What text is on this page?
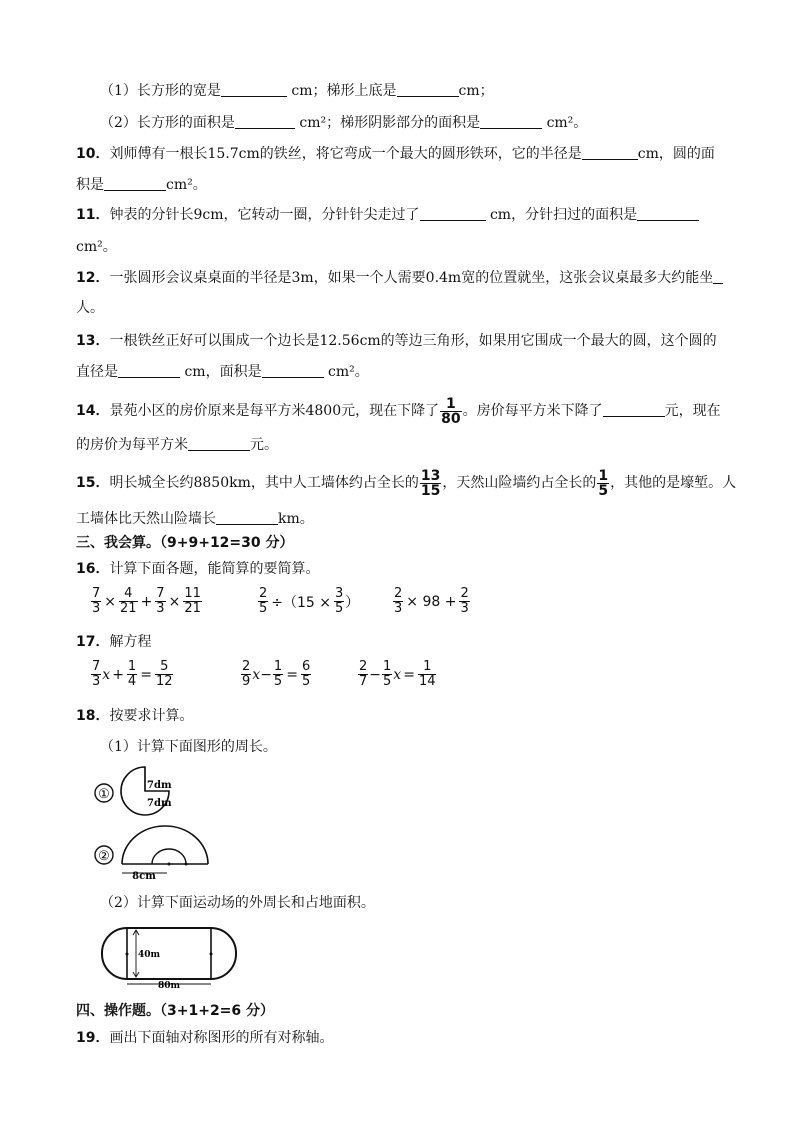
（1）长方形的宽是	cm；梯形上底是	cm；
（2）长方形的面积是	cm²；梯形阴影部分的面积是	cm²。
10．刘师傅有一根长15.7cm的铁丝，将它弯成一个最大的圆形铁环，它的半径是	cm，圆的面
积是	cm²。
11．钟表的分针长9cm，它转动一圈，分针针尖走过了	cm，分针扫过的面积是
cm²。
12．一张圆形会议桌桌面的半径是3m，如果一个人需要0.4m宽的位置就坐，这张会议桌最多大约能坐
人。
13．一根铁丝正好可以围成一个边长是12.56cm的等边三角形，如果用它围成一个最大的圆，这个圆的
直径是	cm，面积是	cm²。
14．景苑小区的房价原来是每平方米4800元，现在下降了 $\frac{1}{80}$ 。房价每平方米下降了	元，现在
的房价为每平方米	元。
15．明长城全长约8850km，其中人工墙体约占全长的 $\frac{13}{15}$ ，天然山险墙约占全长的 $\frac{1}{5}$ ，其他的是壕堑。人
工墙体比天然山险墙长	km。
三、我会算。（9+9+12=30 分）
16．计算下面各题，能简算的要简算。
$\frac{7}{3} \times \frac{4}{21} + \frac{7}{3} \times \frac{11}{21}$	$\frac{2}{5} \div(15 \times \frac{3}{5}$ ）	$\frac{2}{3} \times 98 + \frac{2}{3}$
17．解方程
$\frac{7}{3}$ $x + \frac{1}{4} = \frac{5}{12}$	$\frac{2}{9}$ $x - \frac{1}{5} = \frac{6}{5}$	$\frac{2}{7} - \frac{1}{5}$ $x = \frac{1}{14}$
18．按要求计算。
（1）计算下面图形的周长。
①
7dm
7dm
②
8cm
（2）计算下面运动场的外周长和占地面积。
40m
80m
四、操作题。（3+1+2=6 分）
19．画出下面轴对称图形的所有对称轴。
